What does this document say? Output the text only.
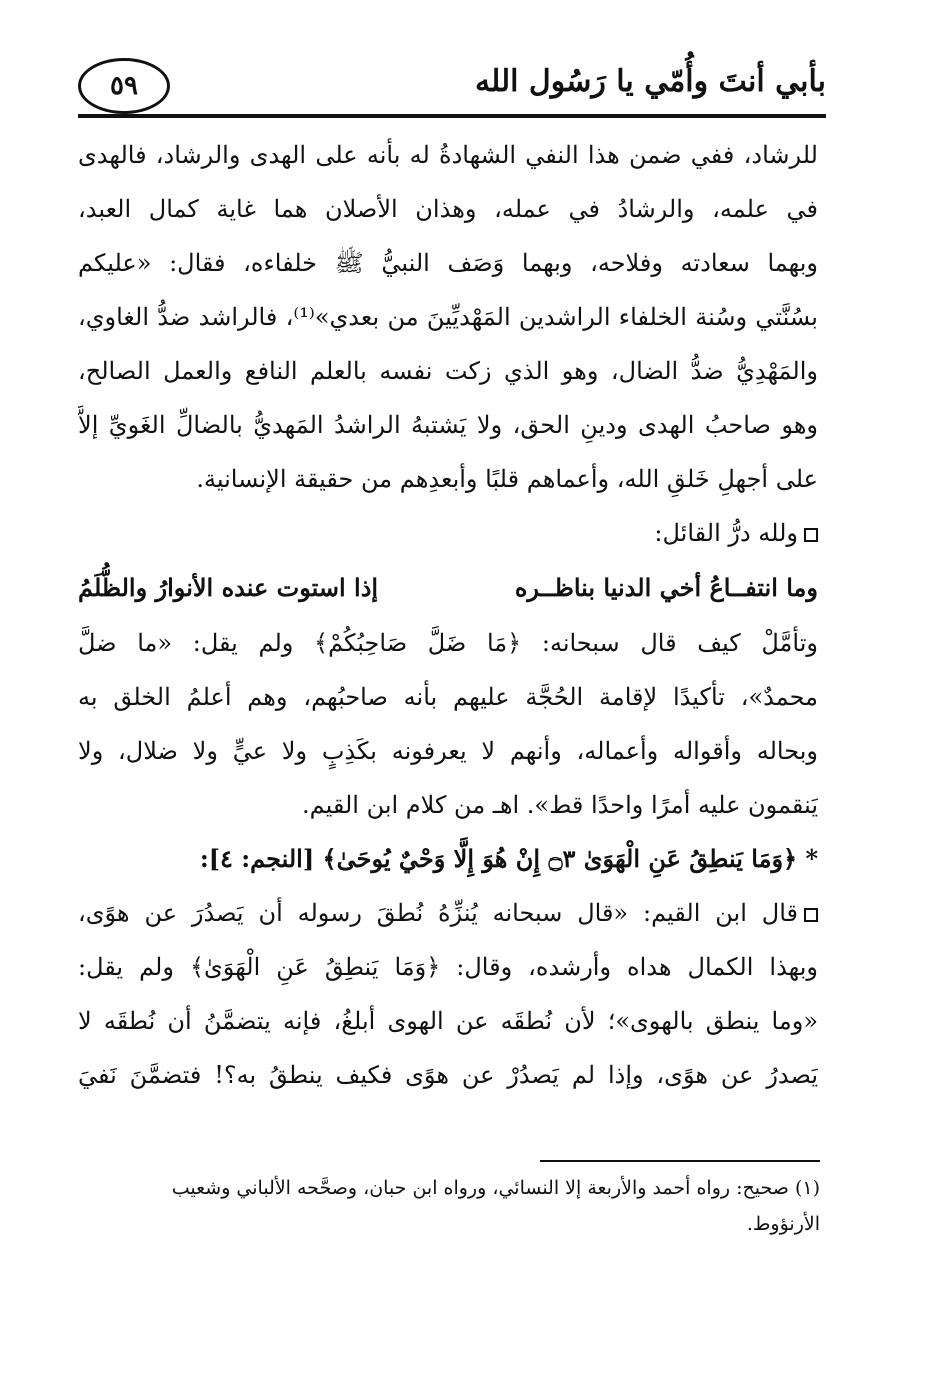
بأبي أنتَ وأُمّي يا رَسُول الله
٥٩
للرشاد، ففي ضمن هذا النفي الشهادةُ له بأنه على الهدى والرشاد، فالهدى
في علمه، والرشادُ في عمله، وهذان الأصلان هما غاية كمال العبد،
وبهما سعادته وفلاحه، وبهما وَصَف النبيُّ ﷺ خلفاءه، فقال: «عليكم
بسُنَّتي وسُنة الخلفاء الراشدين المَهْديِّينَ من بعدي»⁽¹⁾، فالراشد ضدُّ الغاوي،
والمَهْدِيُّ ضدُّ الضال، وهو الذي زكت نفسه بالعلم النافع والعمل الصالح،
وهو صاحبُ الهدى ودينِ الحق، ولا يَشتبهُ الراشدُ المَهديُّ بالضالِّ الغَويِّ إلاَّ
على أجهلِ خَلقِ الله، وأعماهم قلبًا وأبعدِهم من حقيقة الإنسانية.
ولله درُّ القائل:
وما انتفــاعُ أخي الدنيا بناظــره
إذا استوت عنده الأنوارُ والظُّلَمُ
وتأمَّلْ كيف قال سبحانه: ﴿مَا ضَلَّ صَاحِبُكُمْ﴾ ولم يقل: «ما ضلَّ
محمدٌ»، تأكيدًا لإقامة الحُجَّة عليهم بأنه صاحبُهم، وهم أعلمُ الخلق به
وبحاله وأقواله وأعماله، وأنهم لا يعرفونه بكَذِبٍ ولا عيٍّ ولا ضلال، ولا
يَنقمون عليه أمرًا واحدًا قط». اهـ من كلام ابن القيم.
* ﴿وَمَا يَنطِقُ عَنِ الْهَوَىٰ ۝٣ إِنْ هُوَ إِلَّا وَحْيٌ يُوحَىٰ﴾ [النجم: ٤]:
قال ابن القيم: «قال سبحانه يُنزِّهُ نُطقَ رسوله أن يَصدُرَ عن هوًى،
وبهذا الكمال هداه وأرشده، وقال: ﴿وَمَا يَنطِقُ عَنِ الْهَوَىٰ﴾ ولم يقل:
«وما ينطق بالهوى»؛ لأن نُطقَه عن الهوى أبلغُ، فإنه يتضمَّنُ أن نُطقَه لا
يَصدرُ عن هوًى، وإذا لم يَصدُرْ عن هوًى فكيف ينطقُ به؟! فتضمَّنَ نَفيَ
(١) صحيح: رواه أحمد والأربعة إلا النسائي، ورواه ابن حبان، وصحَّحه الألباني وشعيب
الأرنؤوط.
